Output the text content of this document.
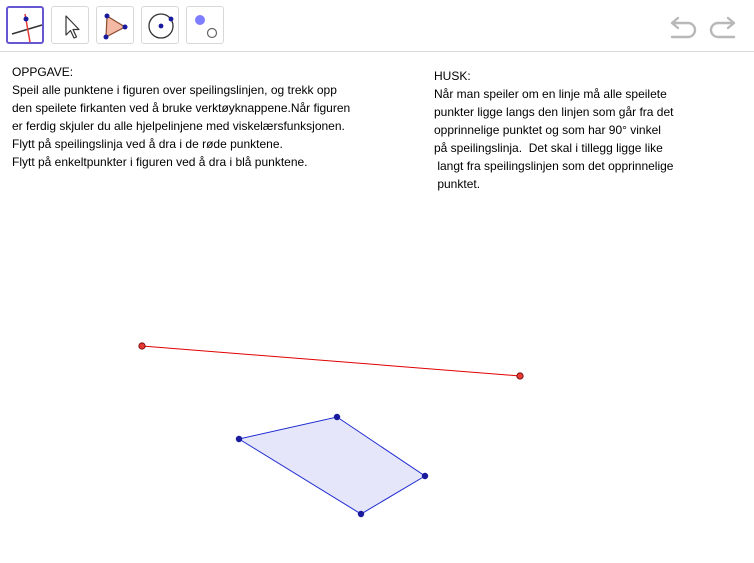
OPPGAVE:
Speil alle punktene i figuren over speilingslinjen, og trekk opp
den speilete firkanten ved å bruke verktøyknappene.Når figuren
er ferdig skjuler du alle hjelpelinjene med viskelærsfunksjonen.
Flytt på speilingslinja ved å dra i de røde punktene.
Flytt på enkeltpunkter i figuren ved å dra i blå punktene.
HUSK:
Når man speiler om en linje må alle speilete
punkter ligge langs den linjen som går fra det
opprinnelige punktet og som har 90° vinkel
på speilingslinja.  Det skal i tillegg ligge like
langt fra speilingslinjen som det opprinnelige
punktet.
